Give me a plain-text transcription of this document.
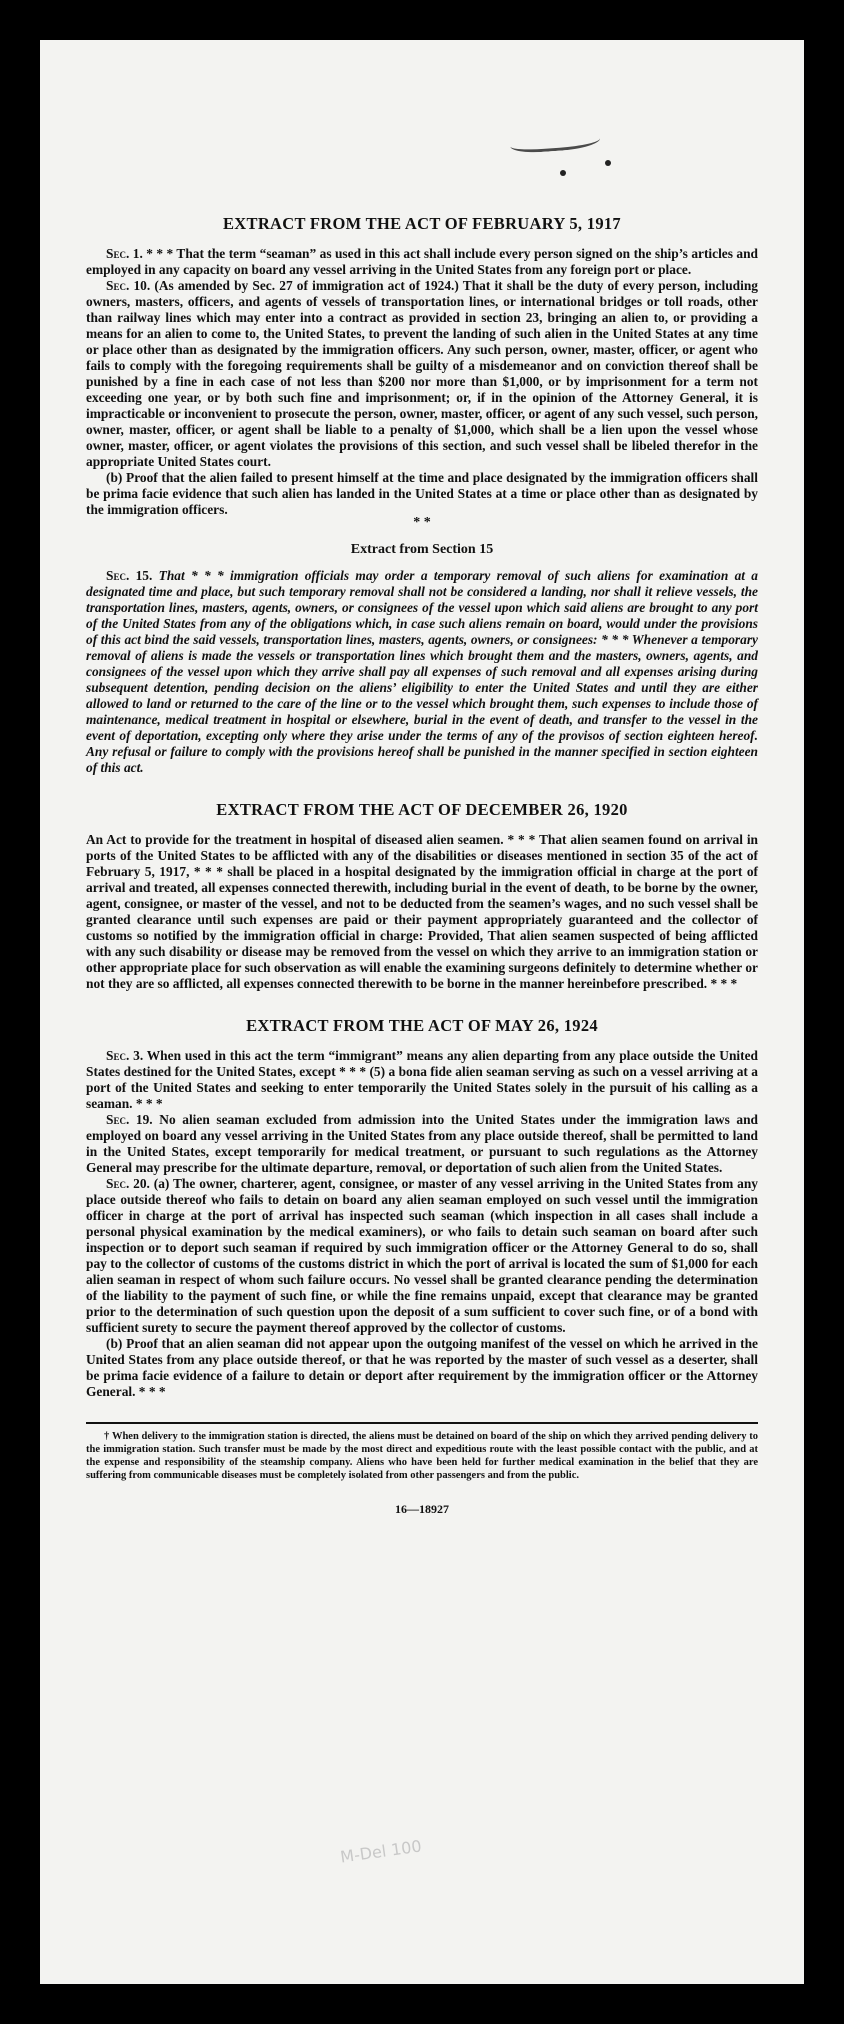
EXTRACT FROM THE ACT OF FEBRUARY 5, 1917

Sec. 1. * * * That the term “seaman” as used in this act shall include every person signed on the ship’s articles and employed in any capacity on board any vessel arriving in the United States from any foreign port or place.

Sec. 10. (As amended by Sec. 27 of immigration act of 1924.) That it shall be the duty of every person, including owners, masters, officers, and agents of vessels of transportation lines, or international bridges or toll roads, other than railway lines which may enter into a contract as provided in section 23, bringing an alien to, or providing a means for an alien to come to, the United States, to prevent the landing of such alien in the United States at any time or place other than as designated by the immigration officers. Any such person, owner, master, officer, or agent who fails to comply with the foregoing requirements shall be guilty of a misdemeanor and on conviction thereof shall be punished by a fine in each case of not less than $200 nor more than $1,000, or by imprisonment for a term not exceeding one year, or by both such fine and imprisonment; or, if in the opinion of the Attorney General, it is impracticable or inconvenient to prosecute the person, owner, master, officer, or agent of any such vessel, such person, owner, master, officer, or agent shall be liable to a penalty of $1,000, which shall be a lien upon the vessel whose owner, master, officer, or agent violates the provisions of this section, and such vessel shall be libeled therefor in the appropriate United States court.

(b) Proof that the alien failed to present himself at the time and place designated by the immigration officers shall be prima facie evidence that such alien has landed in the United States at a time or place other than as designated by the immigration officers.

* *
Extract from Section 15

Sec. 15. That * * * immigration officials may order a temporary removal of such aliens for examination at a designated time and place, but such temporary removal shall not be considered a landing, nor shall it relieve vessels, the transportation lines, masters, agents, owners, or consignees of the vessel upon which said aliens are brought to any port of the United States from any of the obligations which, in case such aliens remain on board, would under the provisions of this act bind the said vessels, transportation lines, masters, agents, owners, or consignees: * * * Whenever a temporary removal of aliens is made the vessels or transportation lines which brought them and the masters, owners, agents, and consignees of the vessel upon which they arrive shall pay all expenses of such removal and all expenses arising during subsequent detention, pending decision on the aliens’ eligibility to enter the United States and until they are either allowed to land or returned to the care of the line or to the vessel which brought them, such expenses to include those of maintenance, medical treatment in hospital or elsewhere, burial in the event of death, and transfer to the vessel in the event of deportation, excepting only where they arise under the terms of any of the provisos of section eighteen hereof. Any refusal or failure to comply with the provisions hereof shall be punished in the manner specified in section eighteen of this act.

EXTRACT FROM THE ACT OF DECEMBER 26, 1920

An Act to provide for the treatment in hospital of diseased alien seamen. * * * That alien seamen found on arrival in ports of the United States to be afflicted with any of the disabilities or diseases mentioned in section 35 of the act of February 5, 1917, * * * shall be placed in a hospital designated by the immigration official in charge at the port of arrival and treated, all expenses connected therewith, including burial in the event of death, to be borne by the owner, agent, consignee, or master of the vessel, and not to be deducted from the seamen’s wages, and no such vessel shall be granted clearance until such expenses are paid or their payment appropriately guaranteed and the collector of customs so notified by the immigration official in charge: Provided, That alien seamen suspected of being afflicted with any such disability or disease may be removed from the vessel on which they arrive to an immigration station or other appropriate place for such observation as will enable the examining surgeons definitely to determine whether or not they are so afflicted, all expenses connected therewith to be borne in the manner hereinbefore prescribed. * * *

EXTRACT FROM THE ACT OF MAY 26, 1924

Sec. 3. When used in this act the term “immigrant” means any alien departing from any place outside the United States destined for the United States, except * * * (5) a bona fide alien seaman serving as such on a vessel arriving at a port of the United States and seeking to enter temporarily the United States solely in the pursuit of his calling as a seaman. * * *

Sec. 19. No alien seaman excluded from admission into the United States under the immigration laws and employed on board any vessel arriving in the United States from any place outside thereof, shall be permitted to land in the United States, except temporarily for medical treatment, or pursuant to such regulations as the Attorney General may prescribe for the ultimate departure, removal, or deportation of such alien from the United States.

Sec. 20. (a) The owner, charterer, agent, consignee, or master of any vessel arriving in the United States from any place outside thereof who fails to detain on board any alien seaman employed on such vessel until the immigration officer in charge at the port of arrival has inspected such seaman (which inspection in all cases shall include a personal physical examination by the medical examiners), or who fails to detain such seaman on board after such inspection or to deport such seaman if required by such immigration officer or the Attorney General to do so, shall pay to the collector of customs of the customs district in which the port of arrival is located the sum of $1,000 for each alien seaman in respect of whom such failure occurs. No vessel shall be granted clearance pending the determination of the liability to the payment of such fine, or while the fine remains unpaid, except that clearance may be granted prior to the determination of such question upon the deposit of a sum sufficient to cover such fine, or of a bond with sufficient surety to secure the payment thereof approved by the collector of customs.

(b) Proof that an alien seaman did not appear upon the outgoing manifest of the vessel on which he arrived in the United States from any place outside thereof, or that he was reported by the master of such vessel as a deserter, shall be prima facie evidence of a failure to detain or deport after requirement by the immigration officer or the Attorney General. * * *

† When delivery to the immigration station is directed, the aliens must be detained on board of the ship on which they arrived pending delivery to the immigration station. Such transfer must be made by the most direct and expeditious route with the least possible contact with the public, and at the expense and responsibility of the steamship company. Aliens who have been held for further medical examination in the belief that they are suffering from communicable diseases must be completely isolated from other passengers and from the public.

16—18927
M-Del 100
